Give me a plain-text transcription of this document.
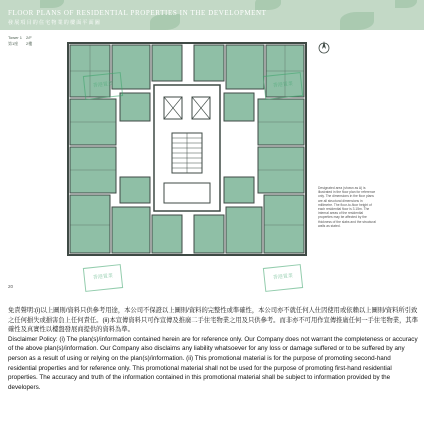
FLOOR PLANS OF RESIDENTIAL PROPERTIES IN THE DEVELOPMENT
發展項目的住宅物業的樓面平面圖
Tower 1 2/F
第1座 2樓
Designated area (shown as A) is illustrated in the floor plan for reference only. The dimensions in the floor plans are all structural dimensions in millimetre. The floor-to-floor height of each residential floor is 3.15m. The internal areas of the residential properties may be affected by the thickness of the slabs and the structural walls as stated.
香港置業	香港置業
香港置業	香港置業
20

免責聲明:(i)以上圖則/資料只供參考用途，本公司不保證以上圖則/資料的完整性或準確性，本公司亦不就任何人仕因使用或依賴以上圖則/資料所引致之任何損失或損害負上任何責任。(ii)本宣傳資料只可作宣傳及推廣二手住宅物業之用及只供參考。而非亦不可用作宣傳推廣任何一手住宅物業，其準確性及真實性以樓盤發展商提供的資料為準。

Disclaimer Policy: (i) The plan(s)/information contained herein are for reference only. Our Company does not warrant the completeness or accuracy of the above plan(s)/information. Our Company also disclaims any liability whatsoever for any loss or damage suffered or to be suffered by any person as a result of using or relying on the plan(s)/information. (ii) This promotional material is for the purpose of promoting second-hand residential properties and for reference only. This promotional material shall not be used for the purpose of promoting first-hand residential properties. The accuracy and truth of the information contained in this promotional material shall be subject to information provided by the developers.
